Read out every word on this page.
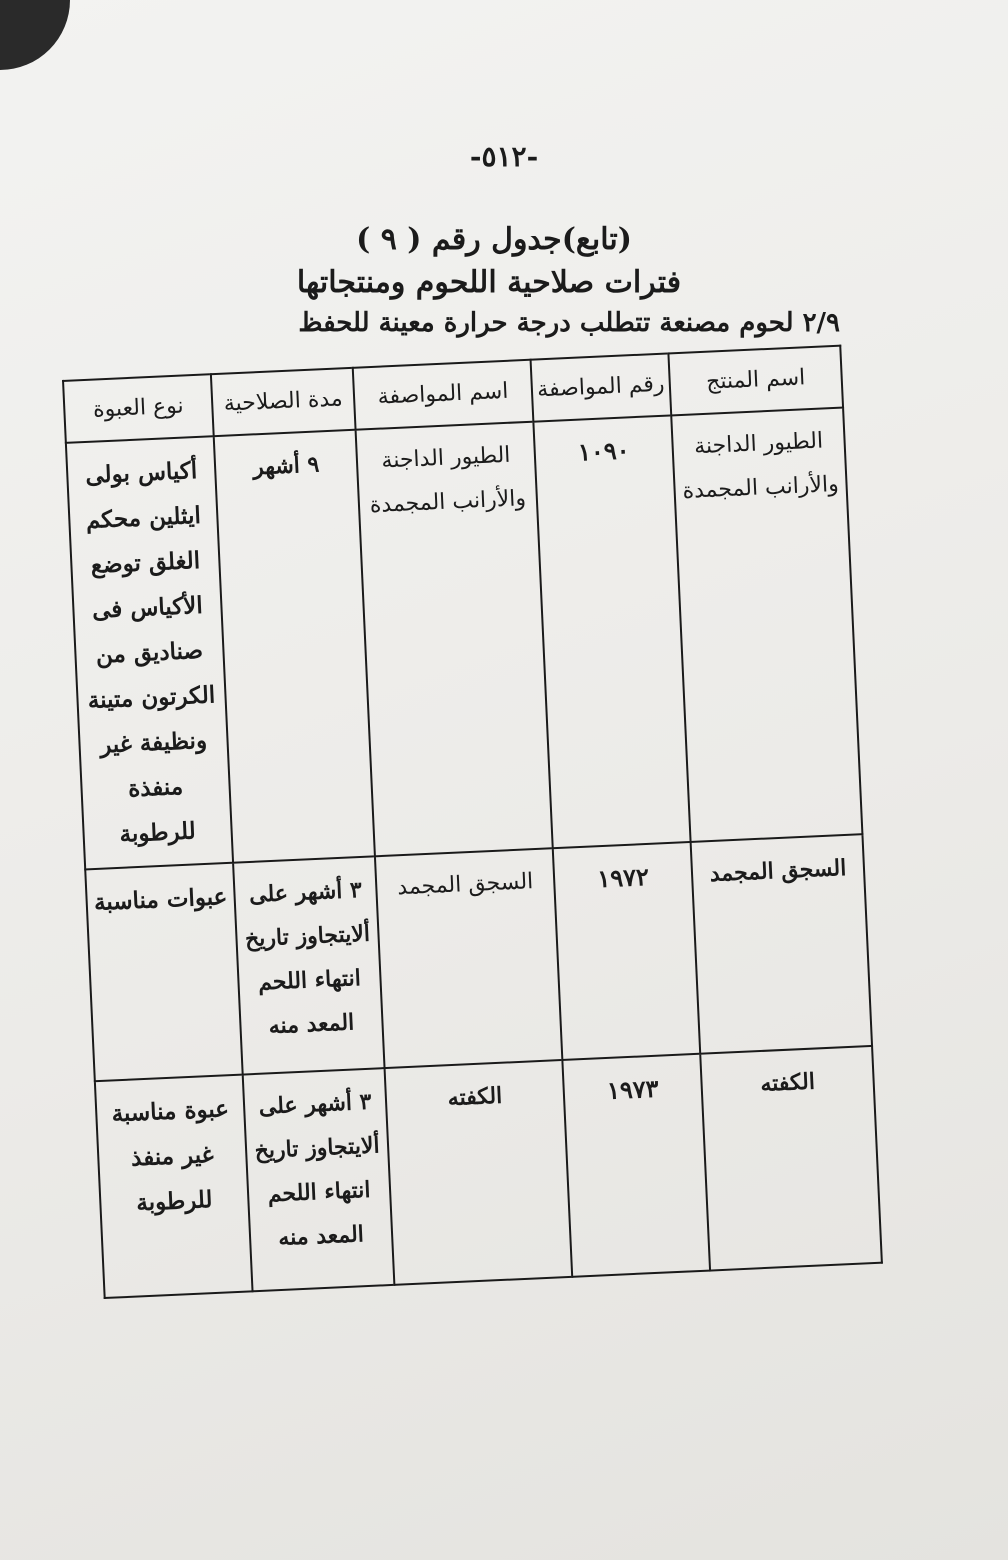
-٥١٢-
(تابع)جدول رقم ( ٩ )
فترات صلاحية اللحوم ومنتجاتها
٢/٩ لحوم مصنعة تتطلب درجة حرارة معينة للحفظ
اسم المنتج	رقم المواصفة	اسم المواصفة	مدة الصلاحية	نوع العبوة
الطيور الداجنة والأرانب المجمدة	١٠٩٠	الطيور الداجنة والأرانب المجمدة	٩ أشهر	أكياس بولى ايثلين محكم الغلق توضع الأكياس فى صناديق من الكرتون متينة ونظيفة غير منفذة للرطوبة
السجق المجمد	١٩٧٢	السجق المجمد	٣ أشهر على ألايتجاوز تاريخ انتهاء اللحم المعد منه	عبوات مناسبة
الكفته	١٩٧٣	الكفته	٣ أشهر على ألايتجاوز تاريخ انتهاء اللحم المعد منه	عبوة مناسبة غير منفذ للرطوبة
